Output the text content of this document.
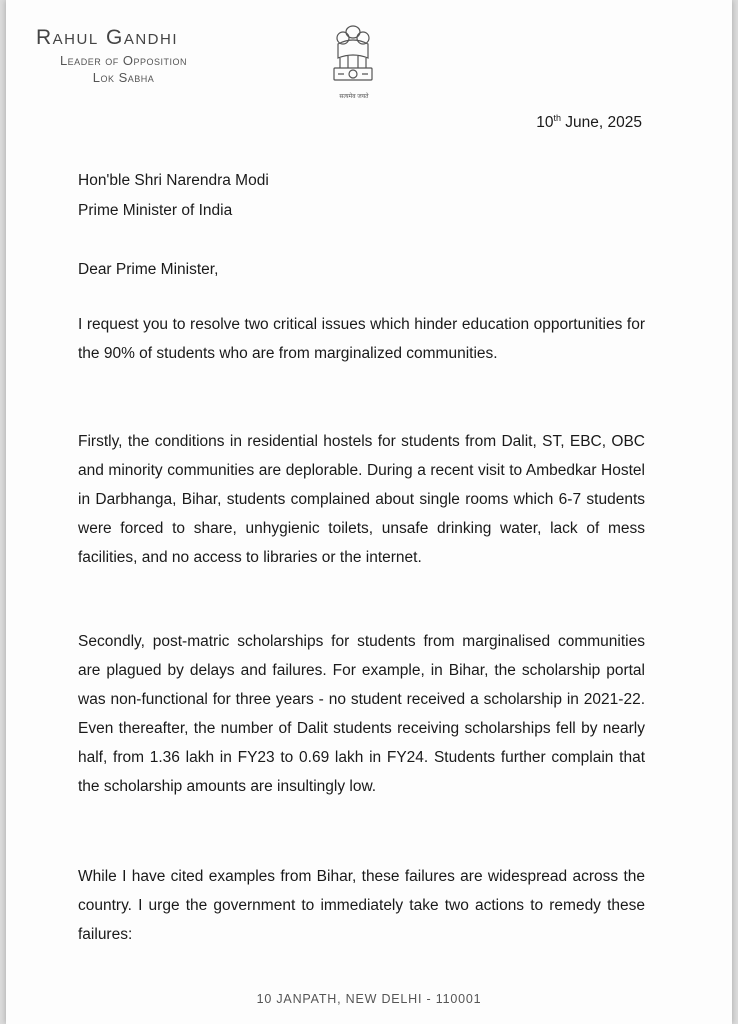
Rahul Gandhi
Leader of Opposition
Lok Sabha
सत्यमेव जयते
10th June, 2025
Hon'ble Shri Narendra Modi
Prime Minister of India
Dear Prime Minister,

I request you to resolve two critical issues which hinder education opportunities for the 90% of students who are from marginalized communities.

Firstly, the conditions in residential hostels for students from Dalit, ST, EBC, OBC and minority communities are deplorable. During a recent visit to Ambedkar Hostel in Darbhanga, Bihar, students complained about single rooms which 6-7 students were forced to share, unhygienic toilets, unsafe drinking water, lack of mess facilities, and no access to libraries or the internet.

Secondly, post-matric scholarships for students from marginalised communities are plagued by delays and failures. For example, in Bihar, the scholarship portal was non-functional for three years - no student received a scholarship in 2021-22. Even thereafter, the number of Dalit students receiving scholarships fell by nearly half, from 1.36 lakh in FY23 to 0.69 lakh in FY24. Students further complain that the scholarship amounts are insultingly low.

While I have cited examples from Bihar, these failures are widespread across the country. I urge the government to immediately take two actions to remedy these failures:

10 JANPATH, NEW DELHI - 110001
